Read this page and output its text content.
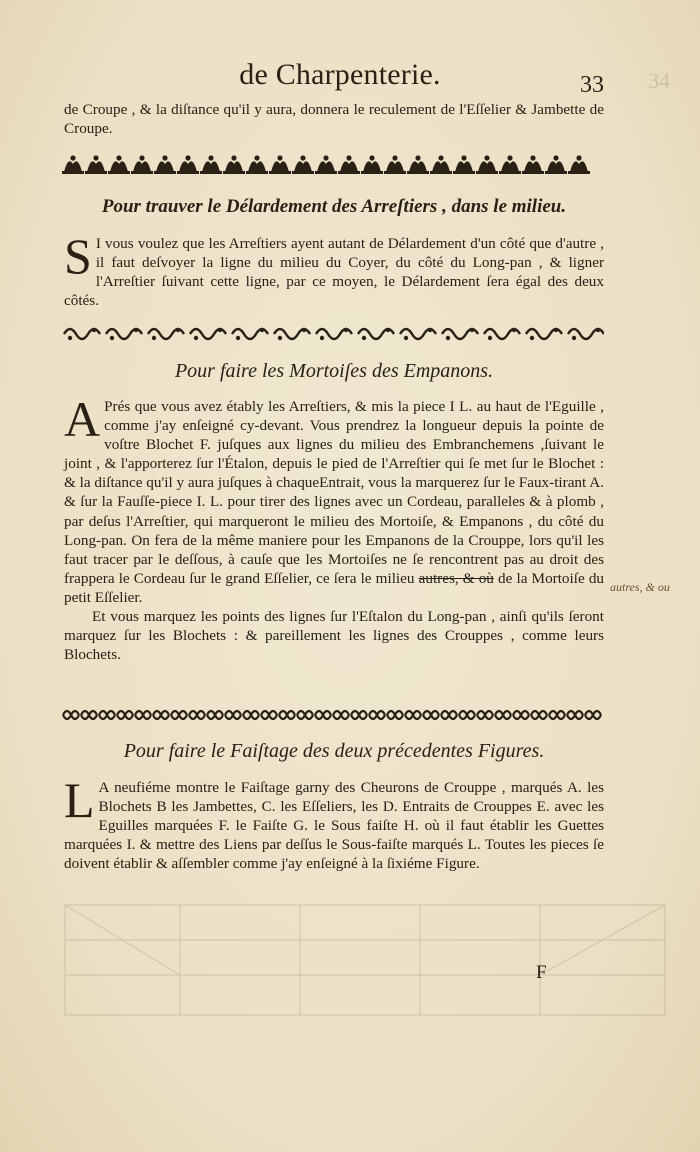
de Charpenterie.	33 34

de Croupe , & la diſtance qu'il y aura, donnera le reculement de l'Eſſelier & Jambette de Croupe.

Pour trauver le Délardement des Arreſtiers , dans le milieu.
S I vous voulez que les Arreſtiers ayent autant de Délardement d'un côté que d'autre , il faut deſvoyer la ligne du milieu du Coyer, du côté du Long-pan , & ligner l'Arreſtier ſuivant cette ligne, par ce moyen, le Délardement ſera égal des deux côtés.

Pour faire les Mortoiſes des Empanons.
A Prés que vous avez étably les Arreſtiers, & mis la piece I L. au haut de l'Eguille , comme j'ay enſeigné cy-devant. Vous prendrez la longueur depuis la pointe de voſtre Blochet F. juſques aux lignes du milieu des Embranchemens ,ſuivant le joint , & l'apporterez ſur l'Étalon, depuis le pied de l'Arreſtier qui ſe met ſur le Blochet : & la diſtance qu'il y aura juſques à chaqueEntrait, vous la marquerez ſur le Faux-tirant A. & ſur la Fauſſe-piece I. L. pour tirer des lignes avec un Cordeau, paralleles & à plomb , par deſus l'Arreſtier, qui marqueront le milieu des Mortoiſe, & Empanons , du côté du Long-pan. On fera de la même maniere pour les Empanons de la Crouppe, lors qu'il les faut tracer par le deſſous, à cauſe que les Mortoiſes ne ſe rencontrent pas au droit des frappera le Cordeau ſur le grand Eſſelier, ce ſera le milieu autres, & où de la Mortoiſe du petit Eſſelier.

Et vous marquez les points des lignes ſur l'Eſtalon du Long-pan , ainſi qu'ils ſeront marquez ſur les Blochets : & pareillement les lignes des Crouppes , comme leurs Blochets.

autres, & ou
Pour faire le Faiſtage des deux précedentes Figures.
L A neufiéme montre le Faiſtage garny des Cheurons de Crouppe , marqués A. les Blochets B les Jambettes, C. les Eſſeliers, les D. Entraits de Crouppes E. avec les Eguilles marquées F. le Faiſte G. le Sous faiſte H. où il faut établir les Guettes marquées I. & mettre des Liens par deſſus le Sous-faiſte marqués L. Toutes les pieces ſe doivent établir & aſſembler comme j'ay enſeigné à la ſixiéme Figure.

F
